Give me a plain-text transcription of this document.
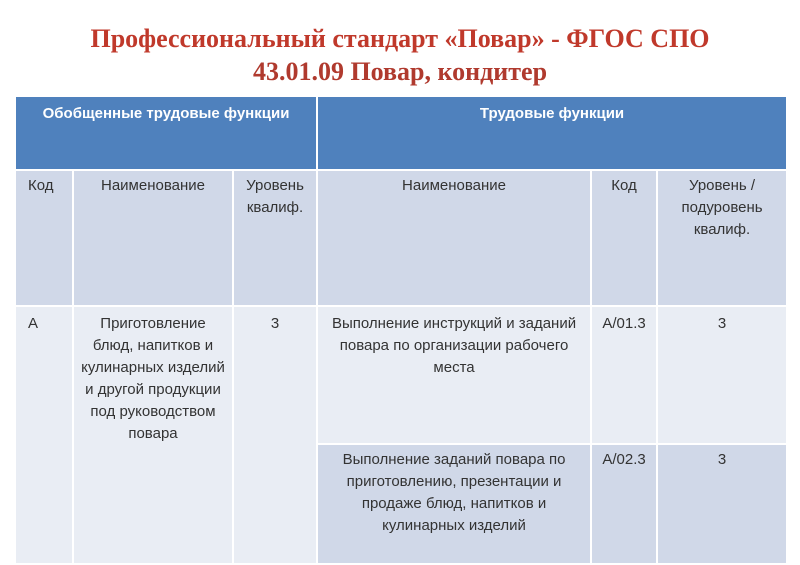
Профессиональный стандарт «Повар» - ФГОС СПО
43.01.09 Повар, кондитер
Обобщенные трудовые функции			Трудовые функции		
Код	Наименование	Уровень квалиф.	Наименование	Код	Уровень /подуровень квалиф.
А	Приготовление блюд, напитков и кулинарных изделий и другой продукции под руководством повара	3	Выполнение инструкций и заданий повара по организации рабочего места	A/01.3	3
			Выполнение заданий повара по приготовлению, презентации и продаже блюд, напитков и кулинарных изделий	A/02.3	3
